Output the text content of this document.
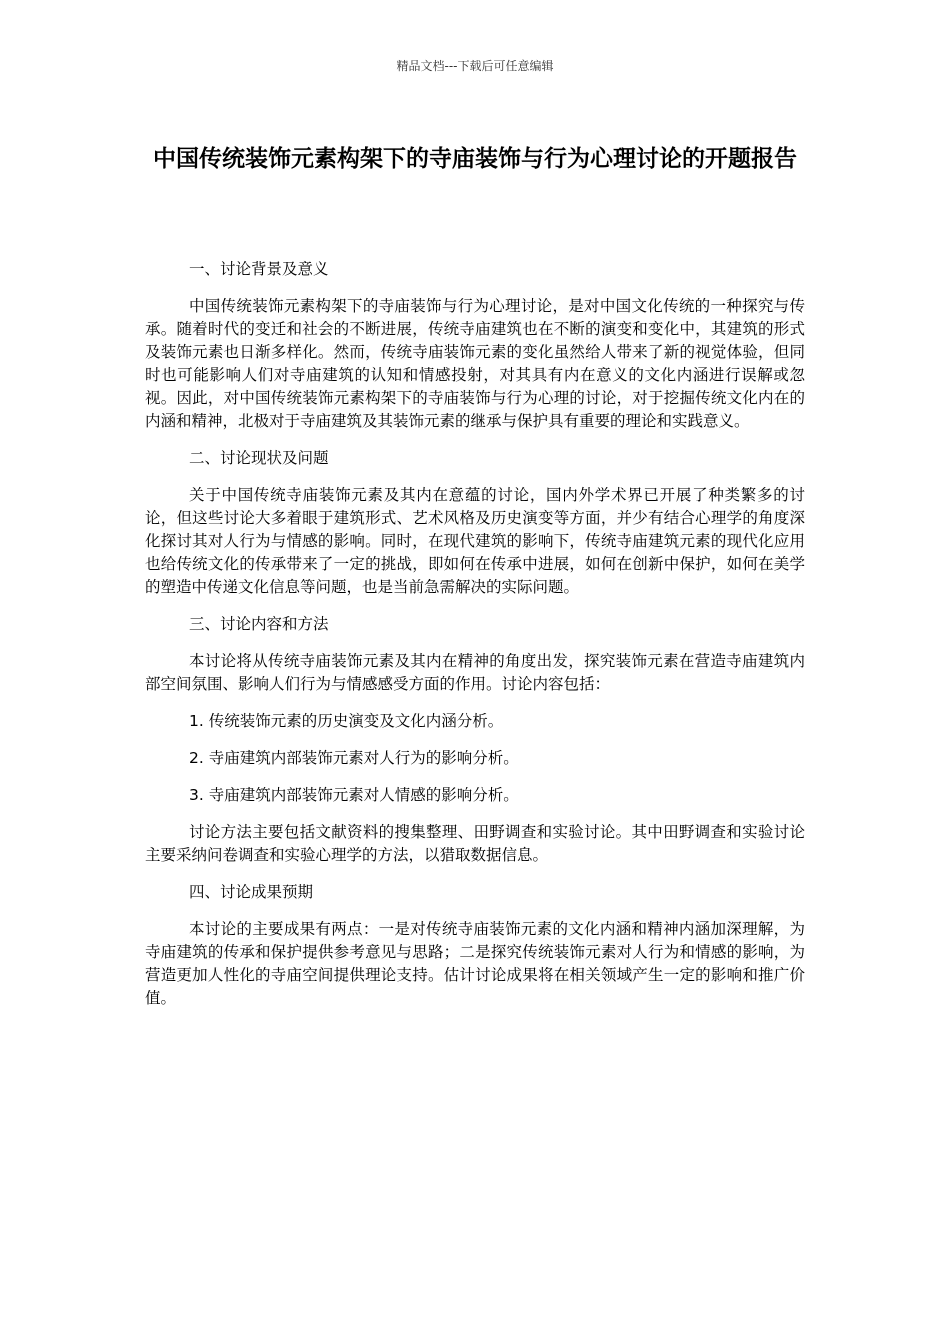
精品文档---下载后可任意编辑
中国传统装饰元素构架下的寺庙装饰与行为心理讨论的开题报告

一、讨论背景及意义

中国传统装饰元素构架下的寺庙装饰与行为心理讨论，是对中国文化传统的一种探究与传承。随着时代的变迁和社会的不断进展，传统寺庙建筑也在不断的演变和变化中，其建筑的形式及装饰元素也日渐多样化。然而，传统寺庙装饰元素的变化虽然给人带来了新的视觉体验，但同时也可能影响人们对寺庙建筑的认知和情感投射，对其具有内在意义的文化内涵进行误解或忽视。因此，对中国传统装饰元素构架下的寺庙装饰与行为心理的讨论，对于挖掘传统文化内在的内涵和精神，北极对于寺庙建筑及其装饰元素的继承与保护具有重要的理论和实践意义。

二、讨论现状及问题

关于中国传统寺庙装饰元素及其内在意蕴的讨论，国内外学术界已开展了种类繁多的讨论，但这些讨论大多着眼于建筑形式、艺术风格及历史演变等方面，并少有结合心理学的角度深化探讨其对人行为与情感的影响。同时，在现代建筑的影响下，传统寺庙建筑元素的现代化应用也给传统文化的传承带来了一定的挑战，即如何在传承中进展，如何在创新中保护，如何在美学的塑造中传递文化信息等问题，也是当前急需解决的实际问题。

三、讨论内容和方法

本讨论将从传统寺庙装饰元素及其内在精神的角度出发，探究装饰元素在营造寺庙建筑内部空间氛围、影响人们行为与情感感受方面的作用。讨论内容包括：

1. 传统装饰元素的历史演变及文化内涵分析。

2. 寺庙建筑内部装饰元素对人行为的影响分析。

3. 寺庙建筑内部装饰元素对人情感的影响分析。

讨论方法主要包括文献资料的搜集整理、田野调查和实验讨论。其中田野调查和实验讨论主要采纳问卷调查和实验心理学的方法，以猎取数据信息。

四、讨论成果预期

本讨论的主要成果有两点：一是对传统寺庙装饰元素的文化内涵和精神内涵加深理解，为寺庙建筑的传承和保护提供参考意见与思路；二是探究传统装饰元素对人行为和情感的影响，为营造更加人性化的寺庙空间提供理论支持。估计讨论成果将在相关领域产生一定的影响和推广价值。
